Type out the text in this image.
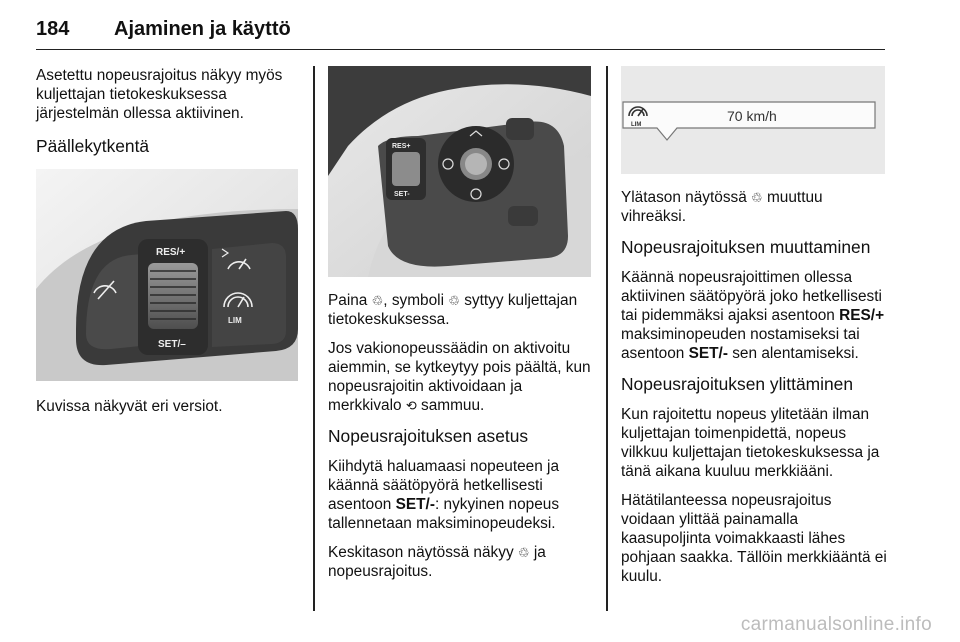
184 Ajaminen ja käyttö

Asetettu nopeusrajoitus näkyy myös kuljettajan tietokeskuksessa järjestelmän ollessa aktiivinen.

Päällekytkentä
RES/+
SET/–
LIM

Kuvissa näkyvät eri versiot.

RES+
SET-

Paina ♲, symboli ♲ syttyy kuljettajan tietokeskuksessa.

Jos vakionopeussäädin on aktivoitu aiemmin, se kytkeytyy pois päältä, kun nopeusrajoitin aktivoidaan ja merkkivalo ⟲ sammuu.

Nopeusrajoituksen asetus

Kiihdytä haluamaasi nopeuteen ja käännä säätöpyörä hetkellisesti asentoon SET/-: nykyinen nopeus tallennetaan maksiminopeudeksi.

Keskitason näytössä näkyy ♲ ja nopeusrajoitus.

LIM
70 km/h

Ylätason näytössä ♲ muuttuu vihreäksi.

Nopeusrajoituksen muuttaminen

Käännä nopeusrajoittimen ollessa aktiivinen säätöpyörä joko hetkellisesti tai pidemmäksi ajaksi asentoon RES/+ maksiminopeuden nostamiseksi tai asentoon SET/- sen alentamiseksi.

Nopeusrajoituksen ylittäminen

Kun rajoitettu nopeus ylitetään ilman kuljettajan toimenpidettä, nopeus vilkkuu kuljettajan tietokeskuksessa ja tänä aikana kuuluu merkkiääni.

Hätätilanteessa nopeusrajoitus voidaan ylittää painamalla kaasupoljinta voimakkaasti lähes pohjaan saakka. Tällöin merkkiääntä ei kuulu.

carmanualsonline.info
